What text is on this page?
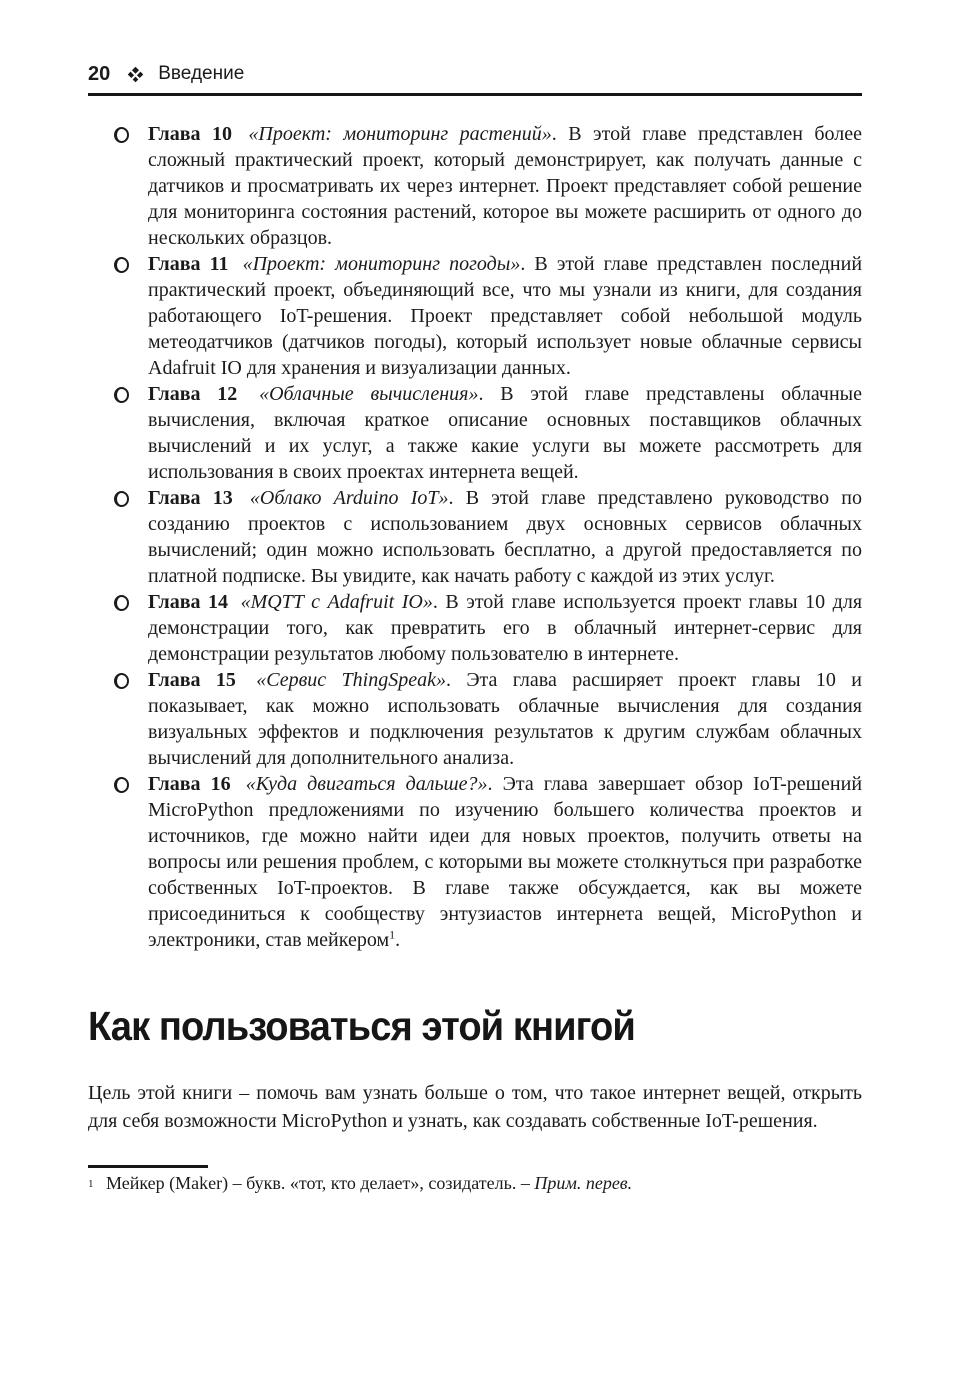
20	Введение
Глава 10 «Проект: мониторинг растений». В этой главе представлен более сложный практический проект, который демонстрирует, как получать данные с датчиков и просматривать их через интернет. Проект представляет собой решение для мониторинга состояния растений, которое вы можете расширить от одного до нескольких образцов.
Глава 11 «Проект: мониторинг погоды». В этой главе представлен последний практический проект, объединяющий все, что мы узнали из книги, для создания работающего IoT-решения. Проект представляет собой небольшой модуль метеодатчиков (датчиков погоды), который использует новые облачные сервисы Adafruit IO для хранения и визуализации данных.
Глава 12 «Облачные вычисления». В этой главе представлены облачные вычисления, включая краткое описание основных поставщиков облачных вычислений и их услуг, а также какие услуги вы можете рассмотреть для использования в своих проектах интернета вещей.
Глава 13 «Облако Arduino IoT». В этой главе представлено руководство по созданию проектов с использованием двух основных сервисов облачных вычислений; один можно использовать бесплатно, а другой предоставляется по платной подписке. Вы увидите, как начать работу с каждой из этих услуг.
Глава 14 «MQTT с Adafruit IO». В этой главе используется проект главы 10 для демонстрации того, как превратить его в облачный интернет-сервис для демонстрации результатов любому пользователю в интернете.
Глава 15 «Сервис ThingSpeak». Эта глава расширяет проект главы 10 и показывает, как можно использовать облачные вычисления для создания визуальных эффектов и подключения результатов к другим службам облачных вычислений для дополнительного анализа.
Глава 16 «Куда двигаться дальше?». Эта глава завершает обзор IoT-решений MicroPython предложениями по изучению большего количества проектов и источников, где можно найти идеи для новых проектов, получить ответы на вопросы или решения проблем, с которыми вы можете столкнуться при разработке собственных IoT-проектов. В главе также обсуждается, как вы можете присоединиться к сообществу энтузиастов интернета вещей, MicroPython и электроники, став мейкером$^1$.
Как пользоваться этой книгой

Цель этой книги – помочь вам узнать больше о том, что такое интернет вещей, открыть для себя возможности MicroPython и узнать, как создавать собственные IoT-решения.

$^1$ Мейкер (Maker) – букв. «тот, кто делает», созидатель. – Прим. перев.
